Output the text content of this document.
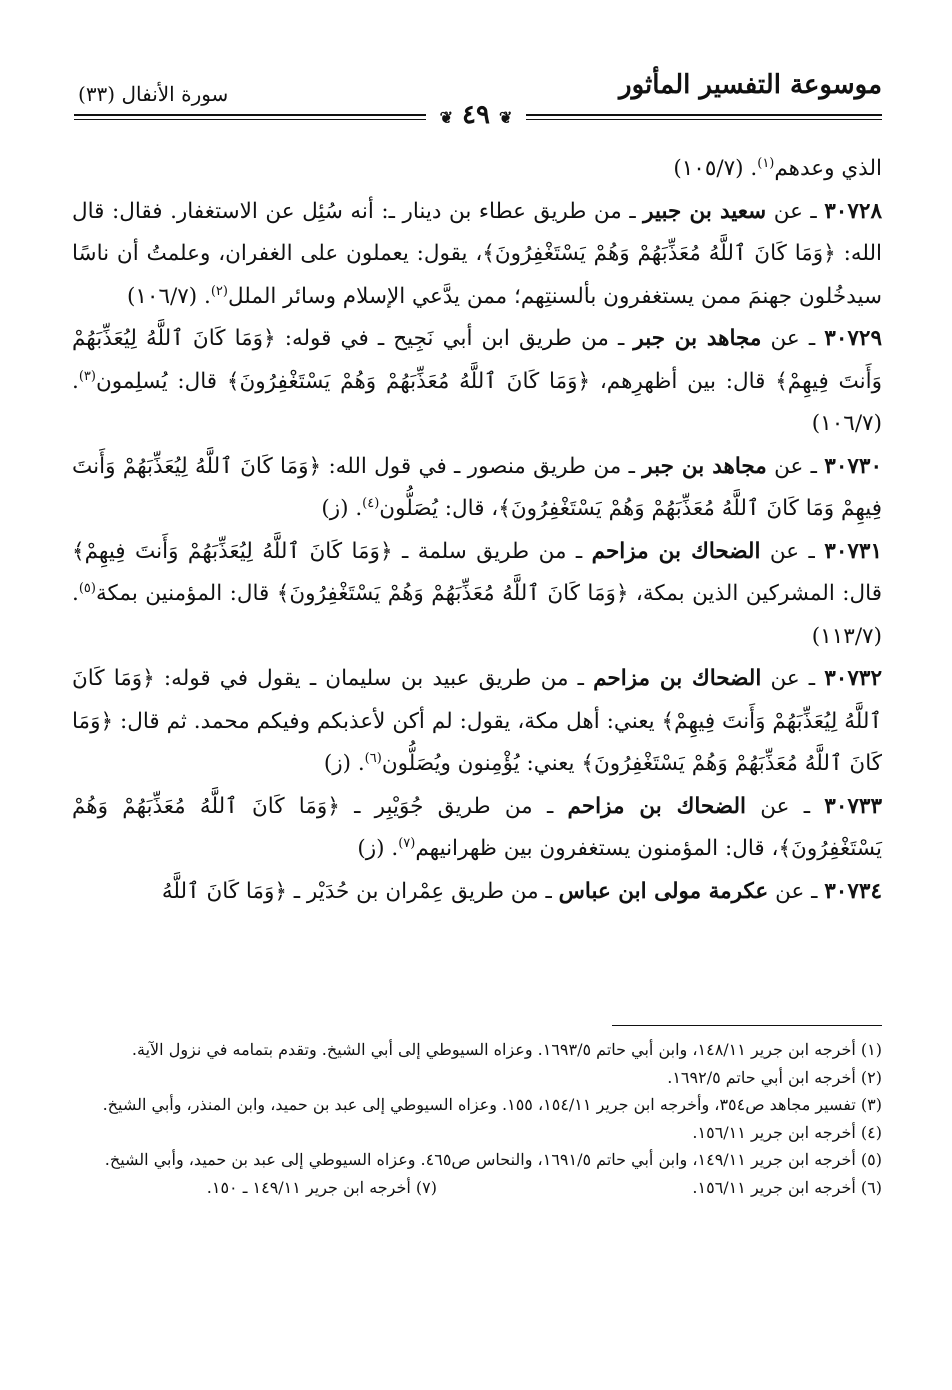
موسوعة التفسير المأثور
سورة الأنفال (٣٣)
❦ ٤٩ ❦

الذي وعدهم$^{(١)}$. (١٠٥/٧)

٣٠٧٢٨ ـ عن سعيد بن جبير ـ من طريق عطاء بن دينار ـ: أنه سُئِل عن الاستغفار. فقال: قال الله: ﴿وَمَا كَانَ ٱللَّهُ مُعَذِّبَهُمْ وَهُمْ يَسْتَغْفِرُونَ﴾، يقول: يعملون على الغفران، وعلمتُ أن ناسًا سيدخُلون جهنمَ ممن يستغفرون بألسنتِهم؛ ممن يدَّعي الإسلام وسائر الملل$^{(٢)}$. (١٠٦/٧)

٣٠٧٢٩ ـ عن مجاهد بن جبر ـ من طريق ابن أبي نَجِيح ـ في قوله: ﴿وَمَا كَانَ ٱللَّهُ لِيُعَذِّبَهُمْ وَأَنتَ فِيهِمْ﴾ قال: بين أظهرِهم، ﴿وَمَا كَانَ ٱللَّهُ مُعَذِّبَهُمْ وَهُمْ يَسْتَغْفِرُونَ﴾ قال: يُسلِمون$^{(٣)}$. (١٠٦/٧)

٣٠٧٣٠ ـ عن مجاهد بن جبر ـ من طريق منصور ـ في قول الله: ﴿وَمَا كَانَ ٱللَّهُ لِيُعَذِّبَهُمْ وَأَنتَ فِيهِمْ وَمَا كَانَ ٱللَّهُ مُعَذِّبَهُمْ وَهُمْ يَسْتَغْفِرُونَ﴾، قال: يُصَلُّون$^{(٤)}$. (ز)

٣٠٧٣١ ـ عن الضحاك بن مزاحم ـ من طريق سلمة ـ ﴿وَمَا كَانَ ٱللَّهُ لِيُعَذِّبَهُمْ وَأَنتَ فِيهِمْ﴾ قال: المشركين الذين بمكة، ﴿وَمَا كَانَ ٱللَّهُ مُعَذِّبَهُمْ وَهُمْ يَسْتَغْفِرُونَ﴾ قال: المؤمنين بمكة$^{(٥)}$. (١١٣/٧)

٣٠٧٣٢ ـ عن الضحاك بن مزاحم ـ من طريق عبيد بن سليمان ـ يقول في قوله: ﴿وَمَا كَانَ ٱللَّهُ لِيُعَذِّبَهُمْ وَأَنتَ فِيهِمْ﴾ يعني: أهل مكة، يقول: لم أكن لأعذبكم وفيكم محمد. ثم قال: ﴿وَمَا كَانَ ٱللَّهُ مُعَذِّبَهُمْ وَهُمْ يَسْتَغْفِرُونَ﴾ يعني: يُؤْمِنون ويُصَلُّون$^{(٦)}$. (ز)

٣٠٧٣٣ ـ عن الضحاك بن مزاحم ـ من طريق جُوَيْبِر ـ ﴿وَمَا كَانَ ٱللَّهُ مُعَذِّبَهُمْ وَهُمْ يَسْتَغْفِرُونَ﴾، قال: المؤمنون يستغفرون بين ظهرانيهم$^{(٧)}$. (ز)

٣٠٧٣٤ ـ عن عكرمة مولى ابن عباس ـ من طريق عِمْران بن حُدَيْر ـ ﴿وَمَا كَانَ ٱللَّهُ

(١) أخرجه ابن جرير ١٤٨/١١، وابن أبي حاتم ١٦٩٣/٥. وعزاه السيوطي إلى أبي الشيخ. وتقدم بتمامه في نزول الآية.

(٢) أخرجه ابن أبي حاتم ١٦٩٢/٥.

(٣) تفسير مجاهد ص٣٥٤، وأخرجه ابن جرير ١٥٤/١١، ١٥٥. وعزاه السيوطي إلى عبد بن حميد، وابن المنذر، وأبي الشيخ.

(٤) أخرجه ابن جرير ١٥٦/١١.

(٥) أخرجه ابن جرير ١٤٩/١١، وابن أبي حاتم ١٦٩١/٥، والنحاس ص٤٦٥. وعزاه السيوطي إلى عبد بن حميد، وأبي الشيخ.

(٦) أخرجه ابن جرير ١٥٦/١١.
(٧) أخرجه ابن جرير ١٤٩/١١ ـ ١٥٠.
